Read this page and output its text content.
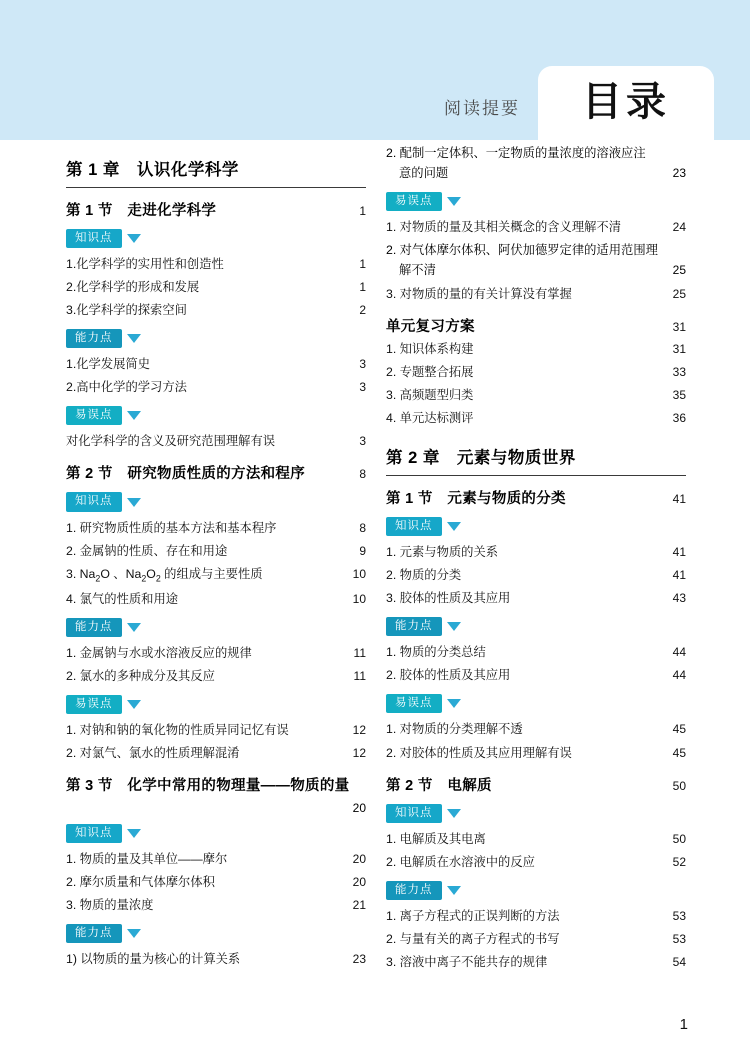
阅读提要	目录
第 1 章　认识化学科学
第 1 节　走进化学科学	1
知识点
1.化学科学的实用性和创造性	1
2.化学科学的形成和发展	1
3.化学科学的探索空间	2
能力点
1.化学发展简史	3
2.高中化学的学习方法	3
易误点
对化学科学的含义及研究范围理解有误	3
第 2 节　研究物质性质的方法和程序	8
知识点
1. 研究物质性质的基本方法和基本程序	8
2. 金属钠的性质、存在和用途	9
3. $Na_2O$ 、$Na_2O_2$ 的组成与主要性质	10
4. 氯气的性质和用途	10
能力点
1. 金属钠与水或水溶液反应的规律	11
2. 氯水的多种成分及其反应	11
易误点
1. 对钠和钠的氧化物的性质异同记忆有误	12
2. 对氯气、氯水的性质理解混淆	12
第 3 节　化学中常用的物理量——物质的量
20
知识点
1. 物质的量及其单位——摩尔	20
2. 摩尔质量和气体摩尔体积	20
3. 物质的量浓度	21
能力点
1) 以物质的量为核心的计算关系	23
2. 配制一定体积、一定物质的量浓度的溶液应注
意的问题	23
易误点
1. 对物质的量及其相关概念的含义理解不清	24
2. 对气体摩尔体积、阿伏加德罗定律的适用范围理
解不清	25
3. 对物质的量的有关计算没有掌握	25
单元复习方案	31
1. 知识体系构建	31
2. 专题整合拓展	33
3. 高频题型归类	35
4. 单元达标测评	36
第 2 章　元素与物质世界
第 1 节　元素与物质的分类	41
知识点
1. 元素与物质的关系	41
2. 物质的分类	41
3. 胶体的性质及其应用	43
能力点
1. 物质的分类总结	44
2. 胶体的性质及其应用	44
易误点
1. 对物质的分类理解不透	45
2. 对胶体的性质及其应用理解有误	45
第 2 节　电解质	50
知识点
1. 电解质及其电离	50
2. 电解质在水溶液中的反应	52
能力点
1. 离子方程式的正误判断的方法	53
2. 与量有关的离子方程式的书写	53
3. 溶液中离子不能共存的规律	54
1
